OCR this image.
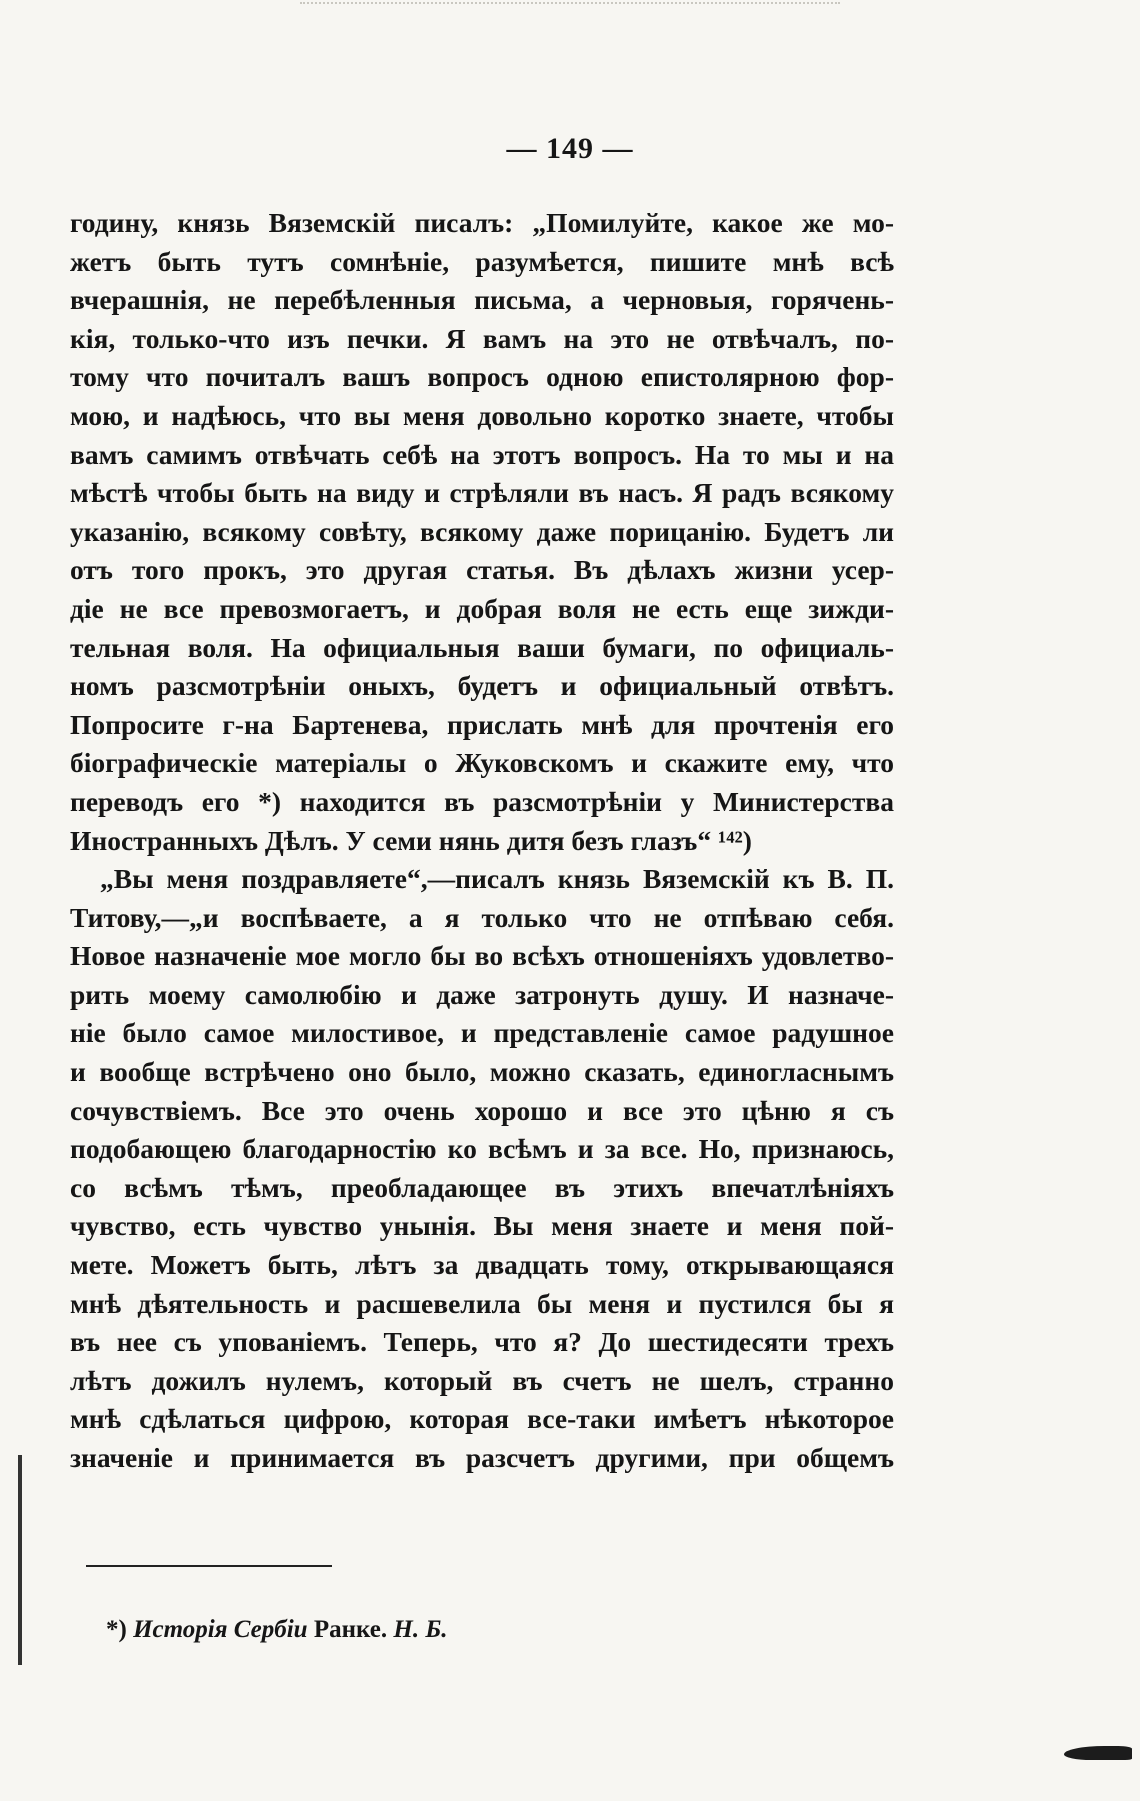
— 149 —
годину, князь Вяземскій писалъ: „Помилуйте, какое же мо-
жетъ быть тутъ сомнѣніе, разумѣется, пишите мнѣ всѣ
вчерашнія, не перебѣленныя письма, а черновыя, горячень-
кія, только-что изъ печки. Я вамъ на это не отвѣчалъ, по-
тому что почиталъ вашъ вопросъ одною епистолярною фор-
мою, и надѣюсь, что вы меня довольно коротко знаете, чтобы
вамъ самимъ отвѣчать себѣ на этотъ вопросъ. На то мы и на
мѣстѣ чтобы быть на виду и стрѣляли въ насъ. Я радъ всякому
указанію, всякому совѣту, всякому даже порицанію. Будетъ ли
отъ того прокъ, это другая статья. Въ дѣлахъ жизни усер-
діе не все превозмогаетъ, и добрая воля не есть еще зижди-
тельная воля. На официальныя ваши бумаги, по официаль-
номъ разсмотрѣніи оныхъ, будетъ и официальный отвѣтъ.
Попросите г-на Бартенева, прислать мнѣ для прочтенія его
біографическіе матеріалы о Жуковскомъ и скажите ему, что
переводъ его *) находится въ разсмотрѣніи у Министерства
Иностранныхъ Дѣлъ. У семи нянь дитя безъ глазъ“ ¹⁴²)
„Вы меня поздравляете“,—писалъ князь Вяземскій къ В. П.
Титову,—„и воспѣваете, а я только что не отпѣваю себя.
Новое назначеніе мое могло бы во всѣхъ отношеніяхъ удовлетво-
рить моему самолюбію и даже затронуть душу. И назначе-
ніе было самое милостивое, и представленіе самое радушное
и вообще встрѣчено оно было, можно сказать, единогласнымъ
сочувствіемъ. Все это очень хорошо и все это цѣню я съ
подобающею благодарностію ко всѣмъ и за все. Но, признаюсь,
со всѣмъ тѣмъ, преобладающее въ этихъ впечатлѣніяхъ
чувство, есть чувство унынія. Вы меня знаете и меня пой-
мете. Можетъ быть, лѣтъ за двадцать тому, открывающаяся
мнѣ дѣятельность и расшевелила бы меня и пустился бы я
въ нее съ упованіемъ. Теперь, что я? До шестидесяти трехъ
лѣтъ дожилъ нулемъ, который въ счетъ не шелъ, странно
мнѣ сдѣлаться цифрою, которая все-таки имѣетъ нѣкоторое
значеніе и принимается въ разсчетъ другими, при общемъ
*) Исторія Сербіи Ранке. Н. Б.
